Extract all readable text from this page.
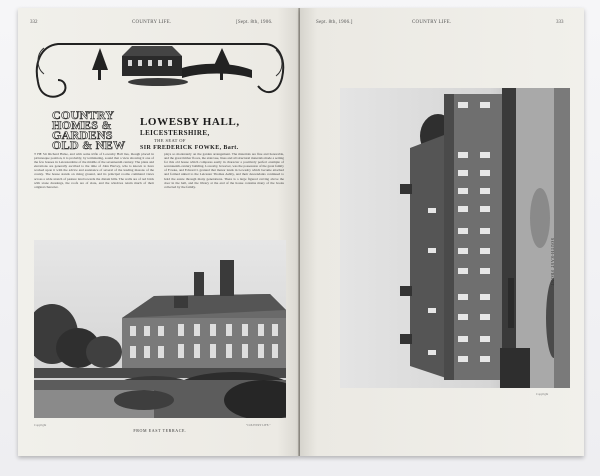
332	COUNTRY LIFE.	[Sept. 8th, 1906.
COUNTRY
HOMES &
GARDENS
OLD & NEW
LOWESBY HALL,
LEICESTERSHIRE,
THE SEAT OF
SIR FREDERICK FOWKE, Bart.
T HE Sir Richard Halse, and with some trifle of Lowesby Hall lies, though placed in picturesque position, it is probably, by terminating, sound that a view showing it one of the few houses in Leicestershire of the middle of the seventeenth century. The plans and elevations are generally ascribed to the time of John Harvey, who is known to have worked upon it with the advice and assistance of several of the leading masons of the county. The house stands on rising ground, and its principal rooms command views across a wide stretch of pasture land towards the distant hills. The walls are of red brick with stone dressings, the roofs are of slate, and the windows retain much of their original character.
plays so moderately on the garden arrangement. The materials are fine and honorable, and the great timber floors, the staircase, lines and all structural materials made a setting for this old house which compares easily in character a positively perfect example of seventeenth-century building. Lowesby, however, was the possession of the great family of Fowke, and Edward I. granted that manor lands in Lowesby which became attached and formed united to the Leicester Thomas Ashby, and their descendants continued to hold the estate through many generations. There is a large figured carving above the door in the hall, and the library at the end of the house contains many of the books collected by the family.
Copyright	"COUNTRY LIFE."
FROM EAST TERRACE.
Sept. 8th, 1906.]	COUNTRY LIFE.	333
Copyright
SOUTH-EAST FRONT.
